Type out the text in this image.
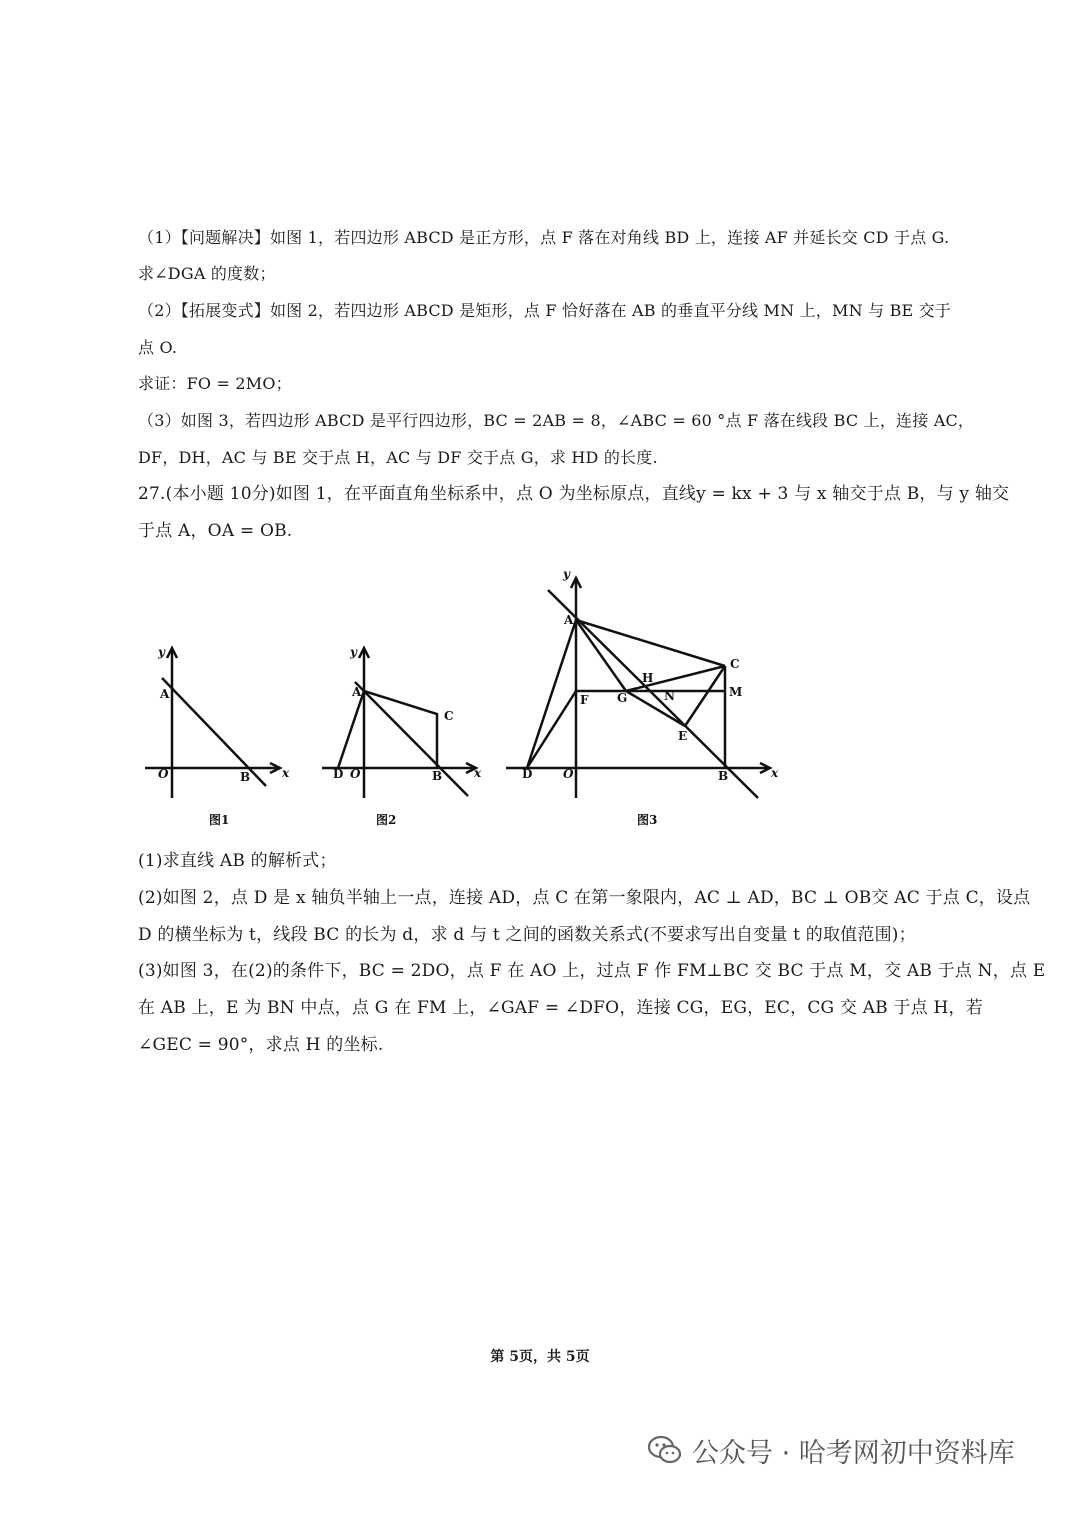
（1）【问题解决】如图 1，若四边形 ABCD 是正方形，点 F 落在对角线 BD 上，连接 AF 并延长交 CD 于点 G.
求∠DGA 的度数；
（2）【拓展变式】如图 2，若四边形 ABCD 是矩形，点 F 恰好落在 AB 的垂直平分线 MN 上，MN 与 BE 交于
点 O.
求证：FO = 2MO；
（3）如图 3，若四边形 ABCD 是平行四边形，BC = 2AB = 8，∠ABC = 60 °点 F 落在线段 BC 上，连接 AC，
DF，DH，AC 与 BE 交于点 H，AC 与 DF 交于点 G，求 HD 的长度.
27.(本小题 10分)如图 1，在平面直角坐标系中，点 O 为坐标原点，直线y = kx + 3 与 x 轴交于点 B，与 y 轴交
于点 A，OA = OB.
y
x
A
O	B
图1
y
x
A
C
D O	B
图2
y
x
A
C
H
G	N	M
F
E
D	O	B
图3
(1)求直线 AB 的解析式；
(2)如图 2，点 D 是 x 轴负半轴上一点，连接 AD，点 C 在第一象限内，AC ⊥ AD，BC ⊥ OB交 AC 于点 C，设点
D 的横坐标为 t，线段 BC 的长为 d，求 d 与 t 之间的函数关系式(不要求写出自变量 t 的取值范围)；
(3)如图 3，在(2)的条件下，BC = 2DO，点 F 在 AO 上，过点 F 作 FM⊥BC 交 BC 于点 M，交 AB 于点 N，点 E
在 AB 上，E 为 BN 中点，点 G 在 FM 上，∠GAF = ∠DFO，连接 CG，EG，EC，CG 交 AB 于点 H，若
∠GEC = 90°，求点 H 的坐标.
第 5页，共 5页
公众号 · 哈考网初中资料库
